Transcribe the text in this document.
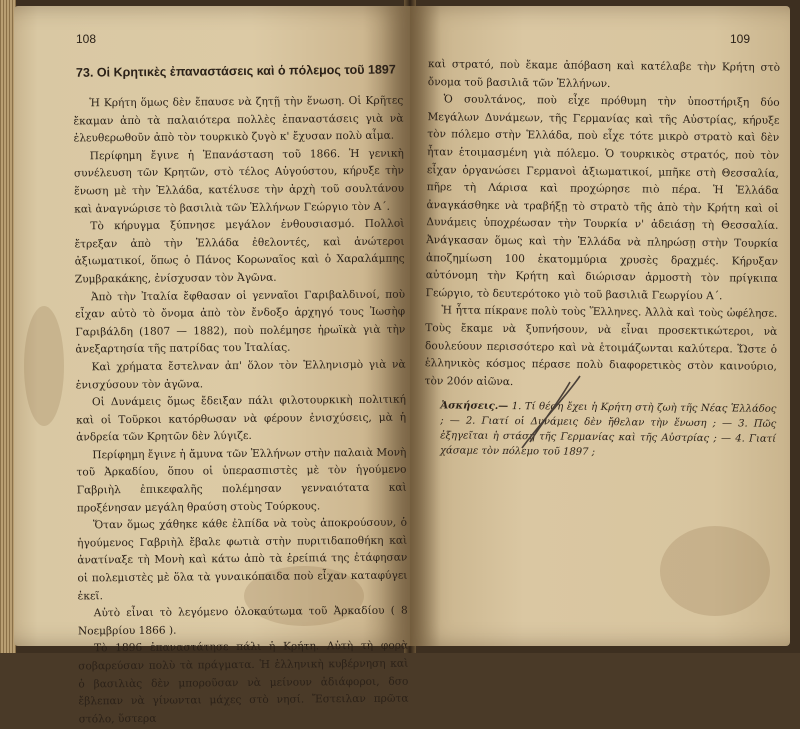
108
73. Οἱ Κρητικὲς ἐπαναστάσεις καὶ ὁ πόλεμος τοῦ 1897

Ἡ Κρήτη ὅμως δὲν ἔπαυσε νὰ ζητῇ τὴν ἕνωση. Οἱ Κρῆτες ἔκαμαν ἀπὸ τὰ παλαιότερα πολλὲς ἐπαναστάσεις γιὰ νὰ ἐλευθερωθοῦν ἀπὸ τὸν τουρκικὸ ζυγὸ κ' ἔχυσαν πολὺ αἷμα.

Περίφημη ἔγινε ἡ Ἐπανάσταση τοῦ 1866. Ἡ γενικὴ συνέλευση τῶν Κρητῶν, στὸ τέλος Αὐγούστου, κήρυξε τὴν ἕνωση μὲ τὴν Ἑλλάδα, κατέλυσε τὴν ἀρχὴ τοῦ σουλτάνου καὶ ἀναγνώρισε τὸ βασιλιὰ τῶν Ἑλλήνων Γεώργιο τὸν Α΄.

Τὸ κήρυγμα ξύπνησε μεγάλον ἐνθουσιασμό. Πολλοὶ ἔτρεξαν ἀπὸ τὴν Ἑλλάδα ἐθελοντές, καὶ ἀνώτεροι ἀξιωματικοί, ὅπως ὁ Πάνος Κορωναῖος καὶ ὁ Χαραλάμπης Ζυμβρακάκης, ἐνίσχυσαν τὸν Ἀγῶνα.

Ἀπὸ τὴν Ἰταλία ἔφθασαν οἱ γενναῖοι Γαριβαλδινοί, ποὺ εἶχαν αὐτὸ τὸ ὄνομα ἀπὸ τὸν ἔνδοξο ἀρχηγό τους Ἰωσὴφ Γαριβάλδη (1807 — 1882), ποὺ πολέμησε ἡρωϊκὰ γιὰ τὴν ἀνεξαρτησία τῆς πατρίδας του Ἰταλίας.

Καὶ χρήματα ἔστελναν ἀπ' ὅλον τὸν Ἑλληνισμὸ γιὰ νὰ ἐνισχύσουν τὸν ἀγῶνα.

Οἱ Δυνάμεις ὅμως ἔδειξαν πάλι φιλοτουρκικὴ πολιτική καὶ οἱ Τοῦρκοι κατόρθωσαν νὰ φέρουν ἐνισχύσεις, μὰ ἡ ἀνδρεία τῶν Κρητῶν δὲν λύγιζε.

Περίφημη ἔγινε ἡ ἄμυνα τῶν Ἑλλήνων στὴν παλαιὰ Μονὴ τοῦ Ἀρκαδίου, ὅπου οἱ ὑπερασπιστὲς μὲ τὸν ἡγούμενο Γαβριὴλ ἐπικεφαλῆς πολέμησαν γενναιότατα καὶ προξένησαν μεγάλη θραύση στοὺς Τούρκους.

Ὅταν ὅμως χάθηκε κάθε ἐλπίδα νὰ τοὺς ἀποκρούσουν, ὁ ἡγούμενος Γαβριὴλ ἔβαλε φωτιὰ στὴν πυριτιδαποθήκη καὶ ἀνατίναξε τὴ Μονὴ καὶ κάτω ἀπὸ τὰ ἐρείπιά της ἐτάφησαν οἱ πολεμιστὲς μὲ ὅλα τὰ γυναικόπαιδα ποὺ εἶχαν καταφύγει ἐκεῖ.

Αὐτὸ εἶναι τὸ λεγόμενο ὁλοκαύτωμα τοῦ Ἀρκαδίου ( 8 Νοεμβρίου 1866 ).

Τὸ 1896 ἐπαναστάτησε πάλι ἡ Κρήτη. Αὐτὴ τὴ φορὰ σοβαρεύσαν πολὺ τὰ πράγματα. Ἡ ἑλληνικὴ κυβέρνηση καὶ ὁ βασιλιὰς δὲν μποροῦσαν νὰ μείνουν ἀδιάφοροι, δσο ἔβλεπαν νὰ γίνωνται μάχες στὸ νησί. Ἔστειλαν πρῶτα στόλο, ὕστερα

109

καὶ στρατό, ποὺ ἔκαμε ἀπόβαση καὶ κατέλαβε τὴν Κρήτη στὸ ὄνομα τοῦ βασιλιᾶ τῶν Ἑλλήνων.

Ὁ σουλτάνος, ποὺ εἶχε πρόθυμη τὴν ὑποστήριξη δύο Μεγάλων Δυνάμεων, τῆς Γερμανίας καὶ τῆς Αὐστρίας, κήρυξε τὸν πόλεμο στὴν Ἑλλάδα, ποὺ εἶχε τότε μικρὸ στρατὸ καὶ δὲν ἦταν ἑτοιμασμένη γιὰ πόλεμο. Ὁ τουρκικὸς στρατός, ποὺ τὸν εἶχαν ὀργανώσει Γερμανοὶ ἀξιωματικοί, μπῆκε στὴ Θεσσαλία, πῆρε τὴ Λάρισα καὶ προχώρησε πιὸ πέρα. Ἡ Ἑλλάδα ἀναγκάσθηκε νὰ τραβήξῃ τὸ στρατὸ τῆς ἀπὸ τὴν Κρήτη καὶ οἱ Δυνάμεις ὑποχρέωσαν τὴν Τουρκία ν' ἀδειάσῃ τὴ Θεσσαλία. Ἀνάγκασαν ὅμως καὶ τὴν Ἑλλάδα νὰ πληρώσῃ στὴν Τουρκία ἀποζημίωση 100 ἑκατομμύρια χρυσὲς δραχμές. Κήρυξαν αὐτόνομη τὴν Κρήτη καὶ διώρισαν ἁρμοστὴ τὸν πρίγκιπα Γεώργιο, τὸ δευτερότοκο γιὸ τοῦ βασιλιᾶ Γεωργίου Α΄.

Ἡ ἧττα πίκρανε πολὺ τοὺς Ἕλληνες. Ἀλλὰ καὶ τοὺς ὠφέλησε. Τοὺς ἔκαμε νὰ ξυπνήσουν, νὰ εἶναι προσεκτικώτεροι, νὰ δουλεύουν περισσότερο καὶ νὰ ἑτοιμάζωνται καλύτερα. Ὥστε ὁ ἑλληνικὸς κόσμος πέρασε πολὺ διαφορετικὸς στὸν καινούριο, τὸν 20όν αἰῶνα.

Ἀσκήσεις.— 1. Τί θέση ἔχει ἡ Κρήτη στὴ ζωὴ τῆς Νέας Ἑλλάδος ; — 2. Γιατί οἱ Δυνάμεις δὲν ἤθελαν τὴν ἕνωση ; — 3. Πῶς ἐξηγεῖται ἡ στάση τῆς Γερμανίας καὶ τῆς Αὐστρίας ; — 4. Γιατί χάσαμε τὸν πόλεμο τοῦ 1897 ;
